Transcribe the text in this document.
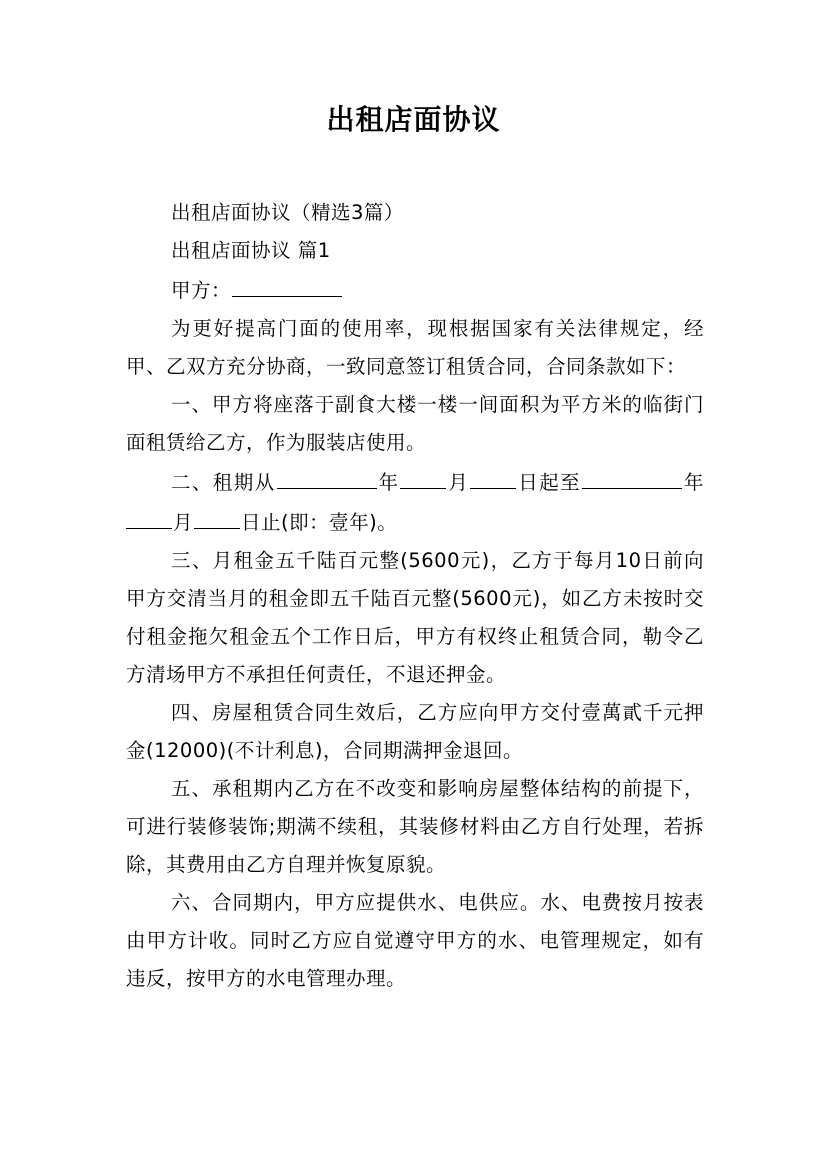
出租店面协议

出租店面协议（精选3篇）

出租店面协议 篇1

甲方：

为更好提高门面的使用率，现根据国家有关法律规定，经甲、乙双方充分协商，一致同意签订租赁合同，合同条款如下：

一、甲方将座落于副食大楼一楼一间面积为平方米的临街门面租赁给乙方，作为服装店使用。

二、租期从	年 月 日起至	年月 日止(即：壹年)。

三、月租金五千陆百元整(5600元)，乙方于每月10日前向甲方交清当月的租金即五千陆百元整(5600元)，如乙方未按时交付租金拖欠租金五个工作日后，甲方有权终止租赁合同，勒令乙方清场甲方不承担任何责任，不退还押金。

四、房屋租赁合同生效后，乙方应向甲方交付壹萬貳千元押金(12000)(不计利息)，合同期满押金退回。

五、承租期内乙方在不改变和影响房屋整体结构的前提下，可进行装修装饰;期满不续租，其装修材料由乙方自行处理，若拆除，其费用由乙方自理并恢复原貌。

六、合同期内，甲方应提供水、电供应。水、电费按月按表由甲方计收。同时乙方应自觉遵守甲方的水、电管理规定，如有违反，按甲方的水电管理办理。
